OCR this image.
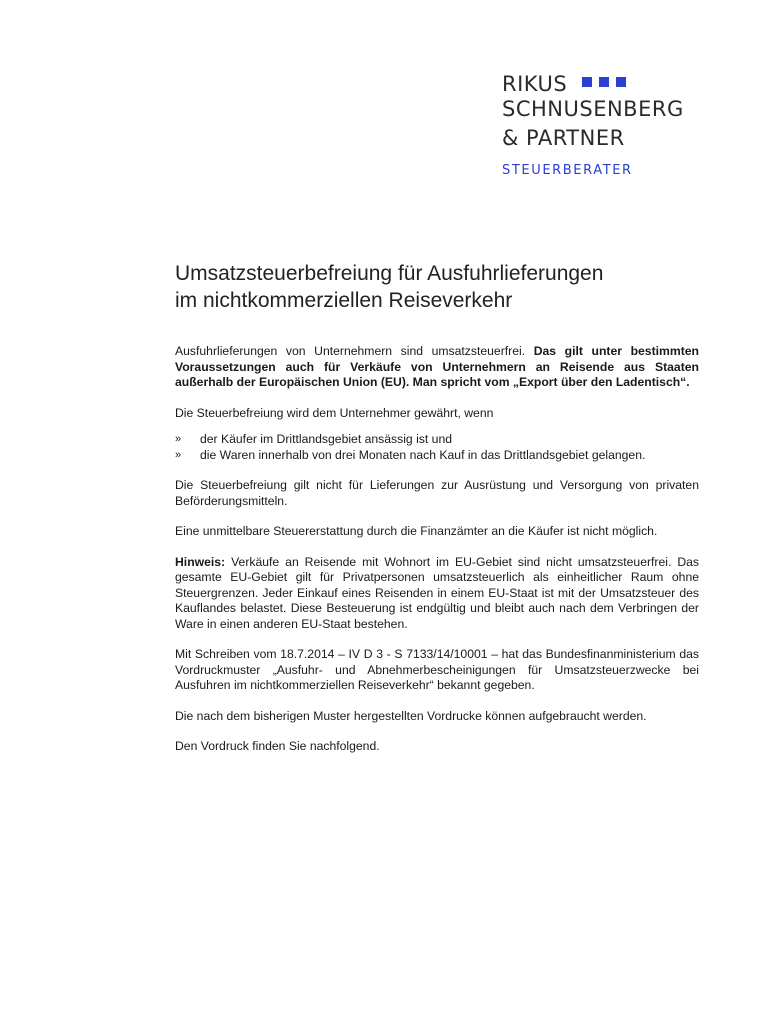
RIKUS
SCHNUSENBERG
& PARTNER
STEUERBERATER
Umsatzsteuerbefreiung für Ausfuhrlieferungen
im nichtkommerziellen Reiseverkehr

Ausfuhrlieferungen von Unternehmern sind umsatzsteuerfrei. Das gilt unter bestimmten Voraussetzungen auch für Verkäufe von Unternehmern an Reisende aus Staaten außerhalb der Europäischen Union (EU). Man spricht vom „Export über den Ladentisch“.

Die Steuerbefreiung wird dem Unternehmer gewährt, wenn

» der Käufer im Drittlandsgebiet ansässig ist und
» die Waren innerhalb von drei Monaten nach Kauf in das Drittlandsgebiet gelangen.

Die Steuerbefreiung gilt nicht für Lieferungen zur Ausrüstung und Versorgung von privaten Beförderungsmitteln.

Eine unmittelbare Steuererstattung durch die Finanzämter an die Käufer ist nicht möglich.

Hinweis: Verkäufe an Reisende mit Wohnort im EU-Gebiet sind nicht umsatzsteuerfrei. Das gesamte EU-Gebiet gilt für Privatpersonen umsatzsteuerlich als einheitlicher Raum ohne Steuergrenzen. Jeder Einkauf eines Reisenden in einem EU-Staat ist mit der Umsatzsteuer des Kauflandes belastet. Diese Besteuerung ist endgültig und bleibt auch nach dem Verbringen der Ware in einen anderen EU-Staat bestehen.

Mit Schreiben vom 18.7.2014 – IV D 3 - S 7133/14/10001 – hat das Bundesfinanministerium das Vordruckmuster „Ausfuhr- und Abnehmerbescheinigungen für Umsatzsteuerzwecke bei Ausfuhren im nichtkommerziellen Reiseverkehr“ bekannt gegeben.

Die nach dem bisherigen Muster hergestellten Vordrucke können aufgebraucht werden.

Den Vordruck finden Sie nachfolgend.
